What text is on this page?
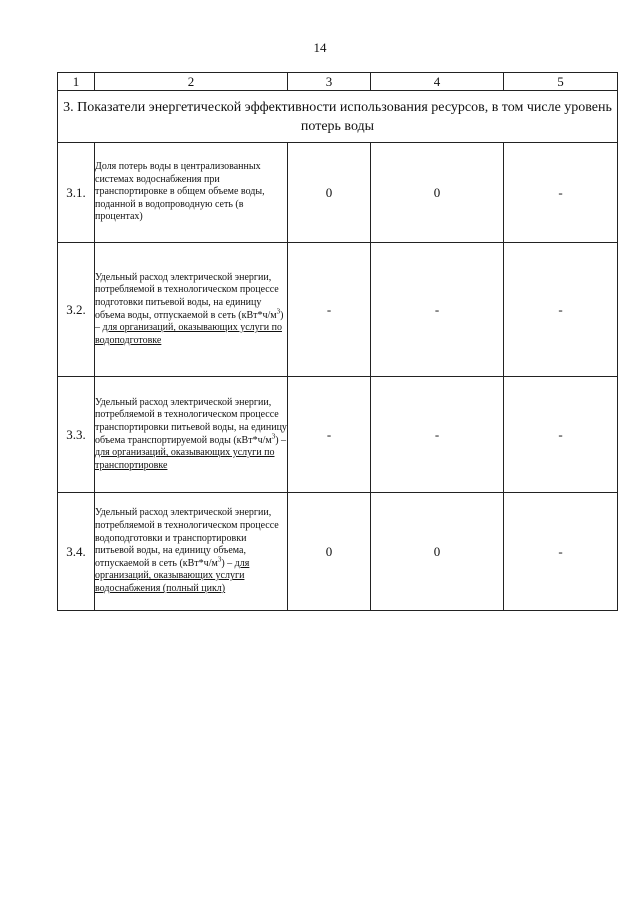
14
1	2	3	4	5
3. Показатели энергетической эффективности использования ресурсов, в том числе уровень потерь воды				
3.1.	Доля потерь воды в централизованных системах водоснабжения при транспортировке в общем объеме воды, поданной в водопроводную сеть (в процентах)	0	0	-
3.2.	Удельный расход электрической энергии, потребляемой в технологическом процессе подготовки питьевой воды, на единицу объема воды, отпускаемой в сеть $(кВт*ч/м^3)$ – для организаций, оказывающих услуги по водоподготовке	-	-	-
3.3.	Удельный расход электрической энергии, потребляемой в технологическом процессе транспортировки питьевой воды, на единицу объема транспортируемой воды $(кВт*ч/м^3)$ – для организаций, оказывающих услуги по транспортировке	-	-	-
3.4.	Удельный расход электрической энергии, потребляемой в технологическом процессе водоподготовки и транспортировки питьевой воды, на единицу объема, отпускаемой в сеть $(кВт*ч/м^3)$ – для организаций, оказывающих услуги водоснабжения (полный цикл)	0	0	-
